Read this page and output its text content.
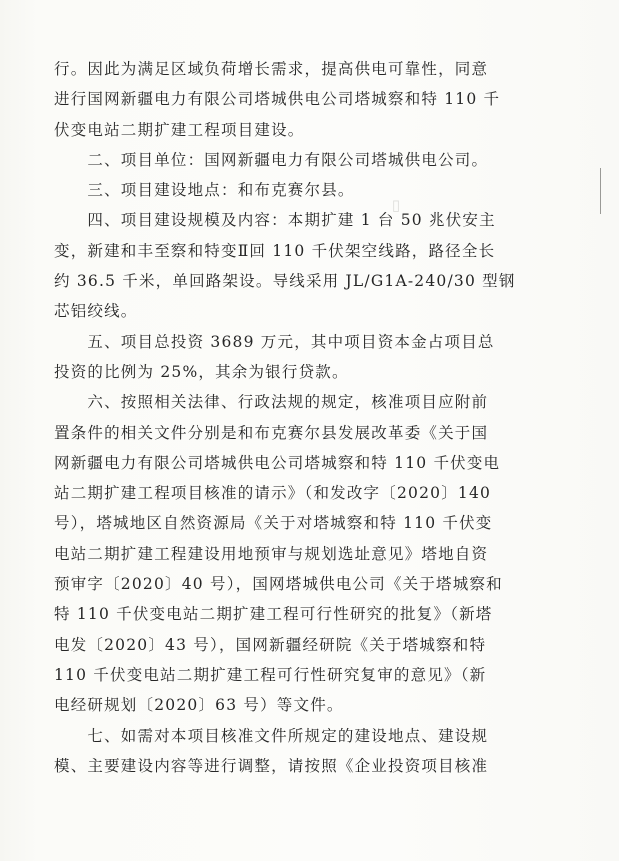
▯
行。因此为满足区域负荷增长需求，提高供电可靠性，同意
进行国网新疆电力有限公司塔城供电公司塔城察和特 110 千
伏变电站二期扩建工程项目建设。
　　二、项目单位：国网新疆电力有限公司塔城供电公司。
　　三、项目建设地点：和布克赛尔县。
　　四、项目建设规模及内容：本期扩建 1 台 50 兆伏安主
变，新建和丰至察和特变Ⅱ回 110 千伏架空线路，路径全长
约 36.5 千米，单回路架设。导线采用 JL/G1A-240/30 型钢
芯铝绞线。
　　五、项目总投资 3689 万元，其中项目资本金占项目总
投资的比例为 25%，其余为银行贷款。
　　六、按照相关法律、行政法规的规定，核准项目应附前
置条件的相关文件分别是和布克赛尔县发展改革委《关于国
网新疆电力有限公司塔城供电公司塔城察和特 110 千伏变电
站二期扩建工程项目核准的请示》（和发改字〔2020〕140
号），塔城地区自然资源局《关于对塔城察和特 110 千伏变
电站二期扩建工程建设用地预审与规划选址意见》塔地自资
预审字〔2020〕40 号），国网塔城供电公司《关于塔城察和
特 110 千伏变电站二期扩建工程可行性研究的批复》（新塔
电发〔2020〕43 号），国网新疆经研院《关于塔城察和特
110 千伏变电站二期扩建工程可行性研究复审的意见》（新
电经研规划〔2020〕63 号）等文件。
　　七、如需对本项目核准文件所规定的建设地点、建设规
模、主要建设内容等进行调整，请按照《企业投资项目核准
